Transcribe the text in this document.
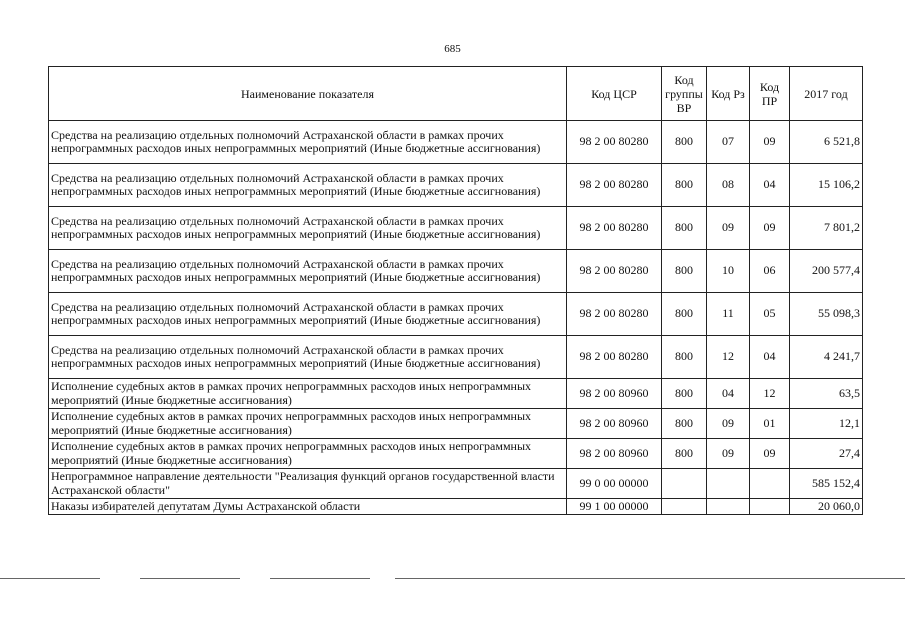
685
Наименование показателя	Код ЦСР	Код группы ВР	Код Рз	Код ПР	2017 год
Средства на реализацию отдельных полномочий Астраханской области в рамках прочих непрограммных расходов иных непрограммных мероприятий (Иные бюджетные ассигнования)	98 2 00 80280	800	07	09	6 521,8
Средства на реализацию отдельных полномочий Астраханской области в рамках прочих непрограммных расходов иных непрограммных мероприятий (Иные бюджетные ассигнования)	98 2 00 80280	800	08	04	15 106,2
Средства на реализацию отдельных полномочий Астраханской области в рамках прочих непрограммных расходов иных непрограммных мероприятий (Иные бюджетные ассигнования)	98 2 00 80280	800	09	09	7 801,2
Средства на реализацию отдельных полномочий Астраханской области в рамках прочих непрограммных расходов иных непрограммных мероприятий (Иные бюджетные ассигнования)	98 2 00 80280	800	10	06	200 577,4
Средства на реализацию отдельных полномочий Астраханской области в рамках прочих непрограммных расходов иных непрограммных мероприятий (Иные бюджетные ассигнования)	98 2 00 80280	800	11	05	55 098,3
Средства на реализацию отдельных полномочий Астраханской области в рамках прочих непрограммных расходов иных непрограммных мероприятий (Иные бюджетные ассигнования)	98 2 00 80280	800	12	04	4 241,7
Исполнение судебных актов в рамках прочих непрограммных расходов иных непрограммных мероприятий (Иные бюджетные ассигнования)	98 2 00 80960	800	04	12	63,5
Исполнение судебных актов в рамках прочих непрограммных расходов иных непрограммных мероприятий (Иные бюджетные ассигнования)	98 2 00 80960	800	09	01	12,1
Исполнение судебных актов в рамках прочих непрограммных расходов иных непрограммных мероприятий (Иные бюджетные ассигнования)	98 2 00 80960	800	09	09	27,4
Непрограммное направление деятельности "Реализация функций органов государственной власти Астраханской области"	99 0 00 00000				585 152,4
Наказы избирателей депутатам Думы Астраханской области	99 1 00 00000				20 060,0
